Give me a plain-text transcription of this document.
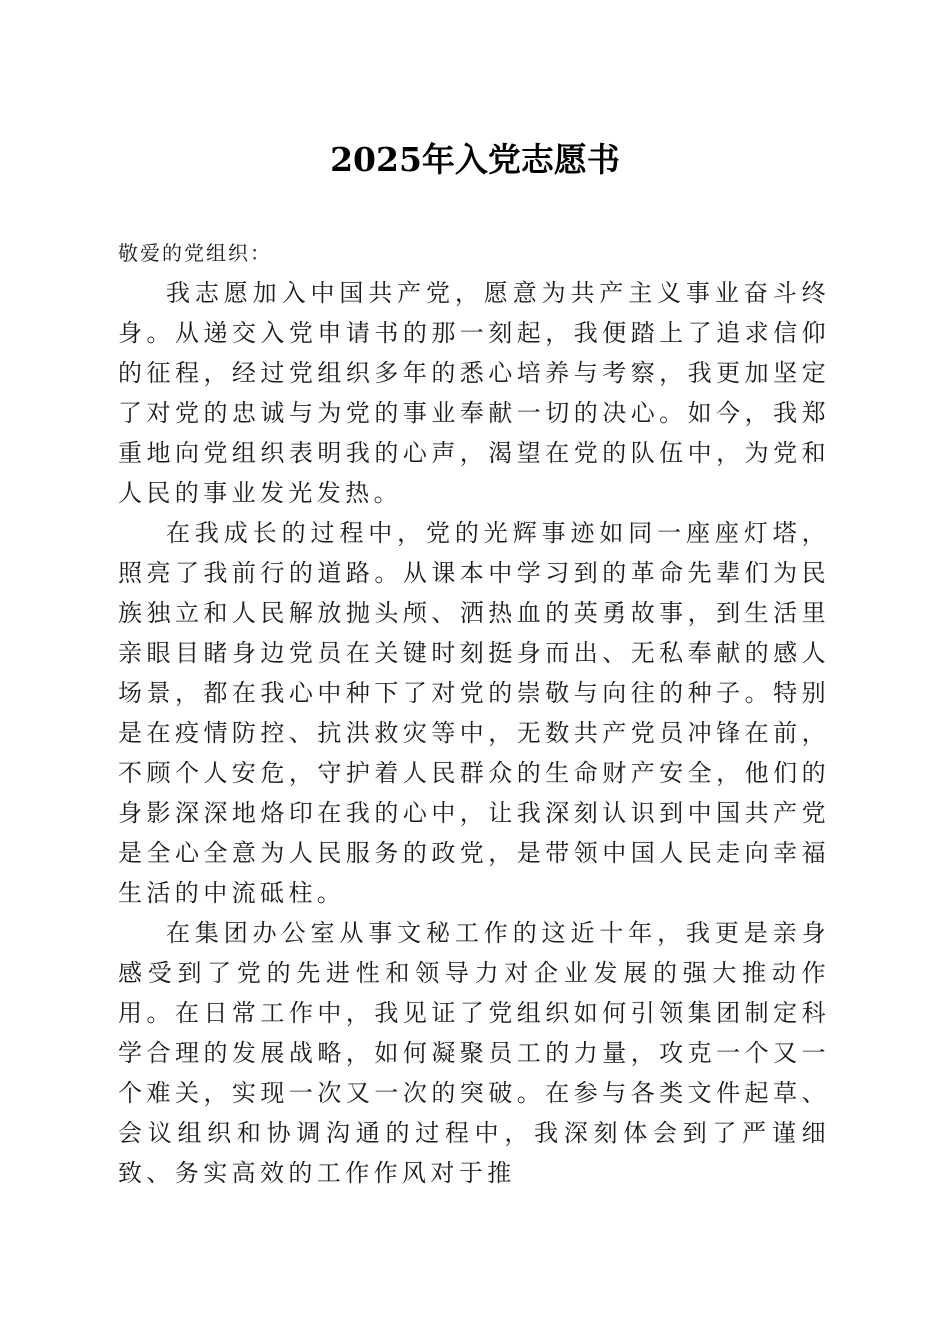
2025年入党志愿书

敬爱的党组织：

我志愿加入中国共产党，愿意为共产主义事业奋斗终身。从递交入党申请书的那一刻起，我便踏上了追求信仰的征程，经过党组织多年的悉心培养与考察，我更加坚定了对党的忠诚与为党的事业奉献一切的决心。如今，我郑重地向党组织表明我的心声，渴望在党的队伍中，为党和人民的事业发光发热。

在我成长的过程中，党的光辉事迹如同一座座灯塔，照亮了我前行的道路。从课本中学习到的革命先辈们为民族独立和人民解放抛头颅、洒热血的英勇故事，到生活里亲眼目睹身边党员在关键时刻挺身而出、无私奉献的感人场景，都在我心中种下了对党的崇敬与向往的种子。特别是在疫情防控、抗洪救灾等中，无数共产党员冲锋在前，不顾个人安危，守护着人民群众的生命财产安全，他们的身影深深地烙印在我的心中，让我深刻认识到中国共产党是全心全意为人民服务的政党，是带领中国人民走向幸福生活的中流砥柱。

在集团办公室从事文秘工作的这近十年，我更是亲身感受到了党的先进性和领导力对企业发展的强大推动作用。在日常工作中，我见证了党组织如何引领集团制定科学合理的发展战略，如何凝聚员工的力量，攻克一个又一个难关，实现一次又一次的突破。在参与各类文件起草、会议组织和协调沟通的过程中，我深刻体会到了严谨细致、务实高效的工作作风对于推
